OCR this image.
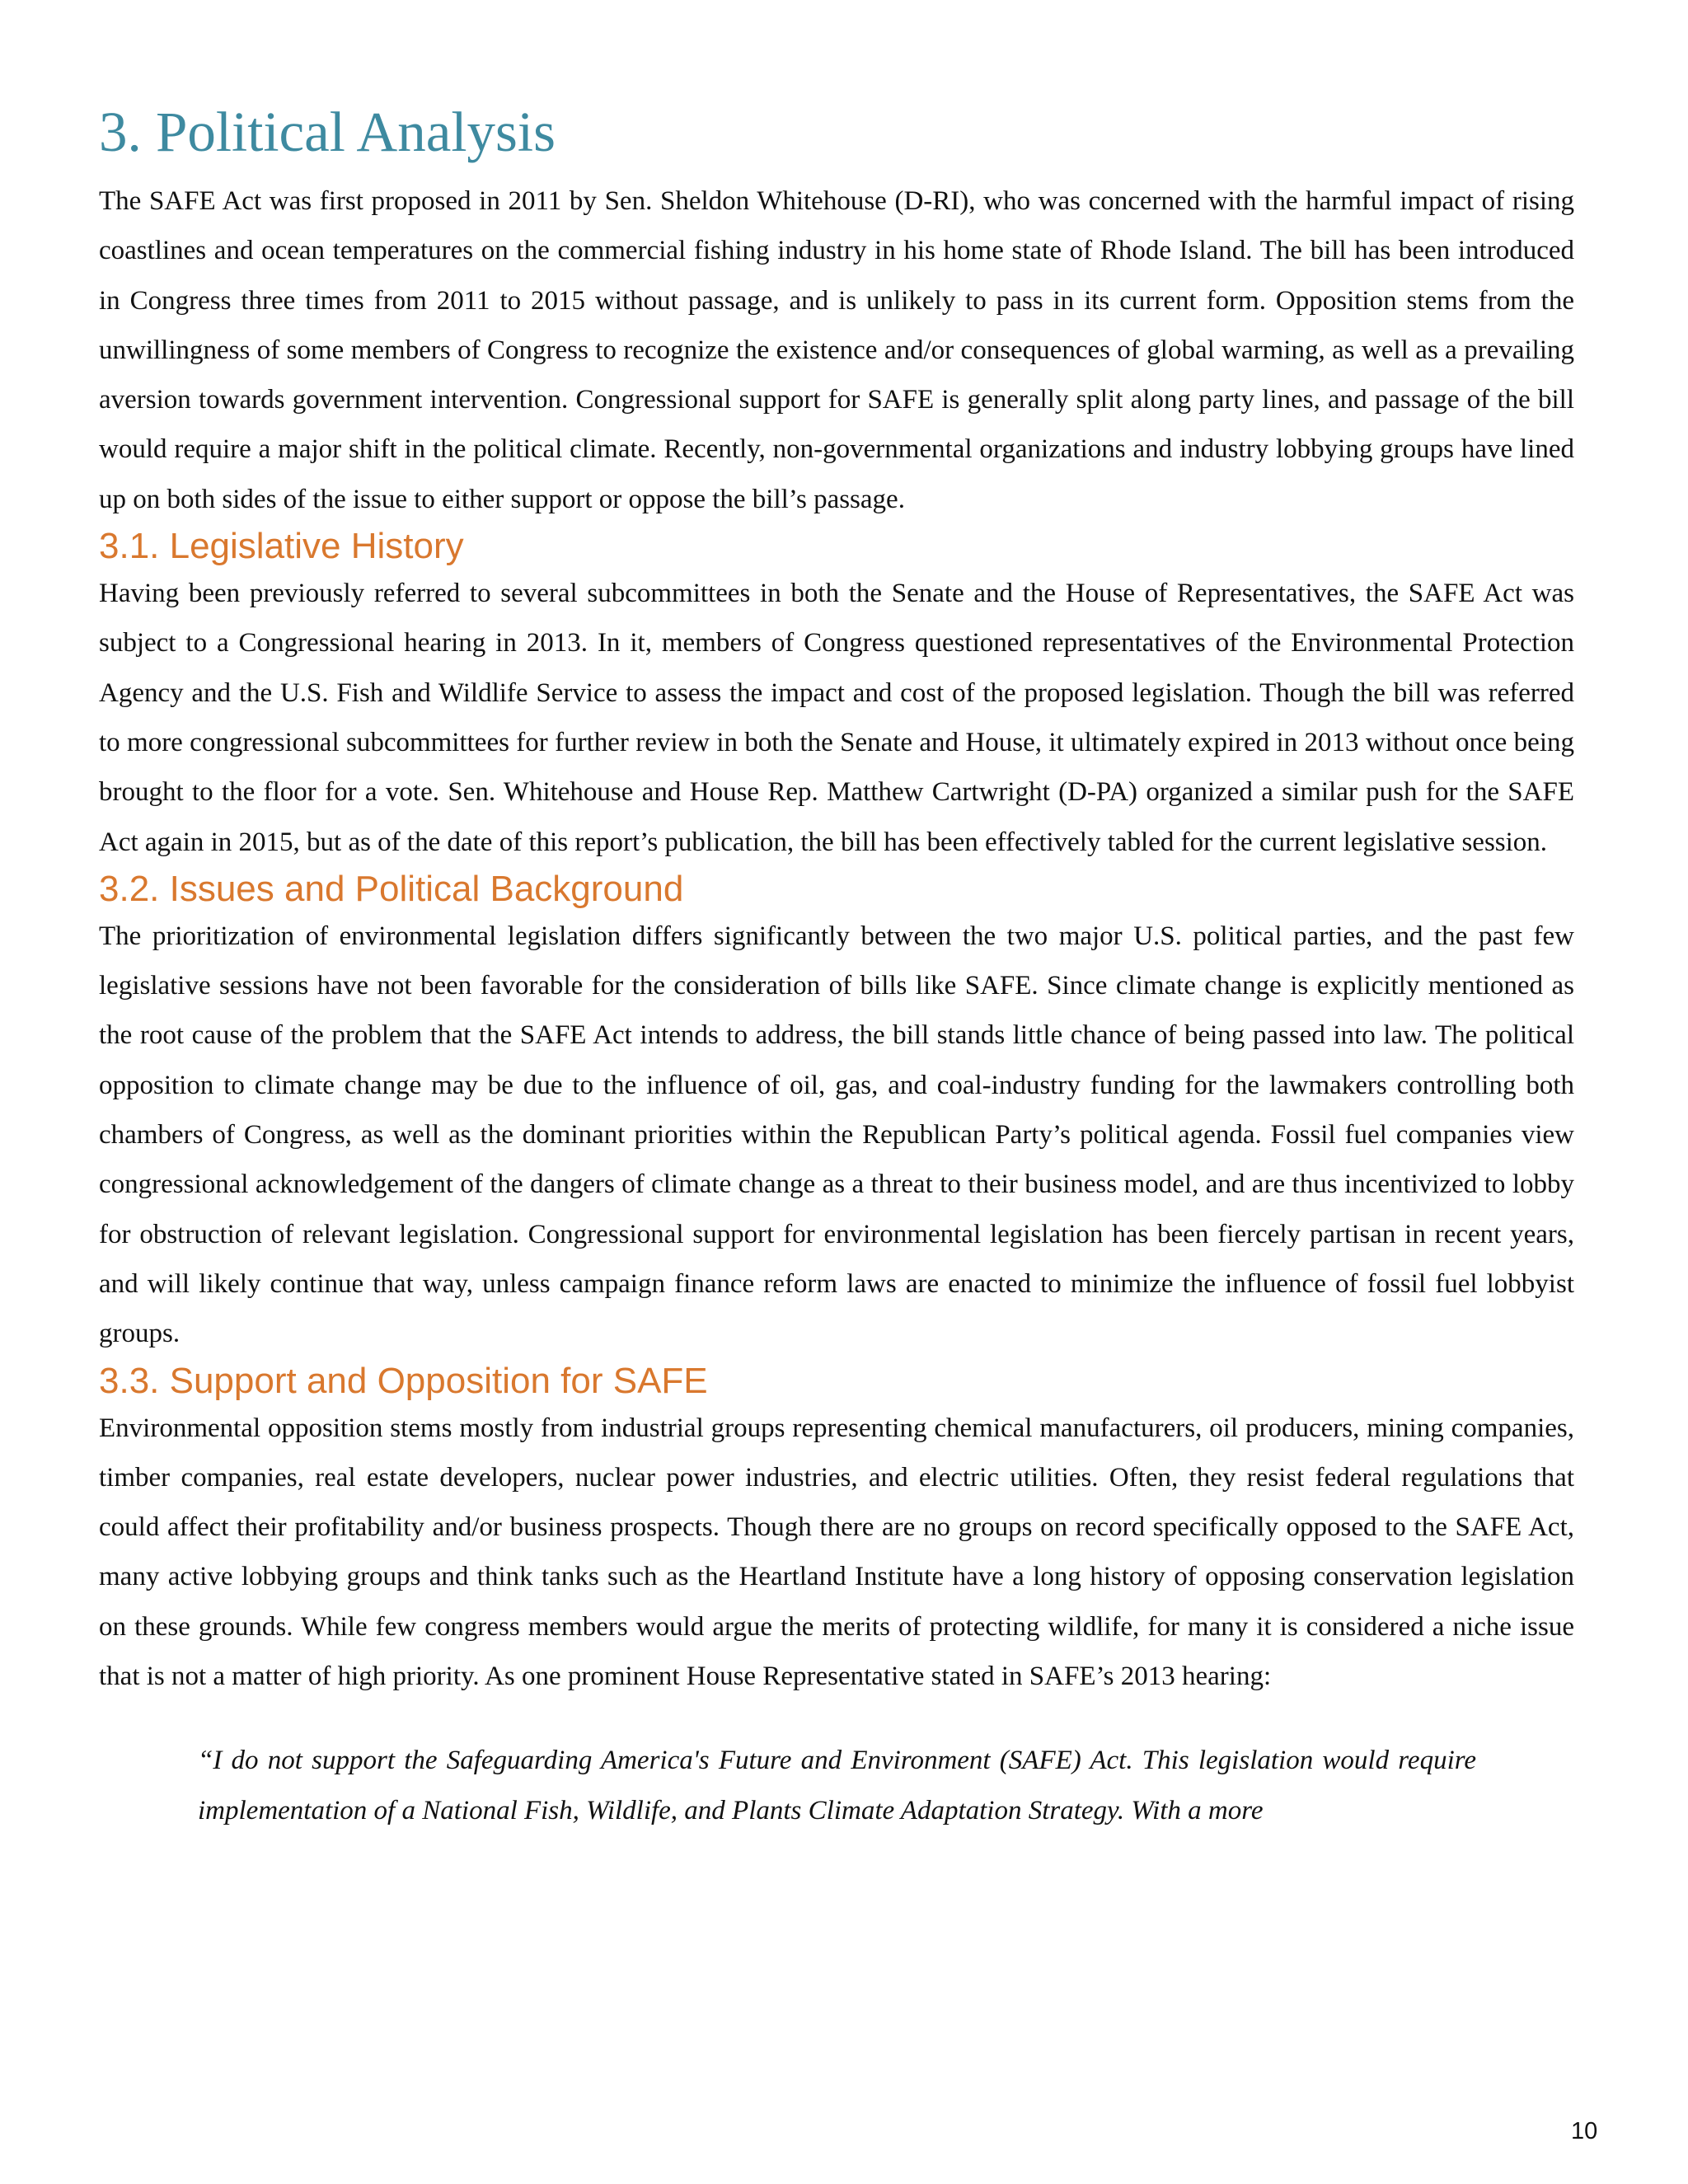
3. Political Analysis

The SAFE Act was first proposed in 2011 by Sen. Sheldon Whitehouse (D-RI), who was concerned with the harmful impact of rising coastlines and ocean temperatures on the commercial fishing industry in his home state of Rhode Island. The bill has been introduced in Congress three times from 2011 to 2015 without passage, and is unlikely to pass in its current form. Opposition stems from the unwillingness of some members of Congress to recognize the existence and/or consequences of global warming, as well as a prevailing aversion towards government intervention. Congressional support for SAFE is generally split along party lines, and passage of the bill would require a major shift in the political climate. Recently, non-governmental organizations and industry lobbying groups have lined up on both sides of the issue to either support or oppose the bill’s passage.

3.1. Legislative History

Having been previously referred to several subcommittees in both the Senate and the House of Representatives, the SAFE Act was subject to a Congressional hearing in 2013. In it, members of Congress questioned representatives of the Environmental Protection Agency and the U.S. Fish and Wildlife Service to assess the impact and cost of the proposed legislation. Though the bill was referred to more congressional subcommittees for further review in both the Senate and House, it ultimately expired in 2013 without once being brought to the floor for a vote. Sen. Whitehouse and House Rep. Matthew Cartwright (D-PA) organized a similar push for the SAFE Act again in 2015, but as of the date of this report’s publication, the bill has been effectively tabled for the current legislative session.

3.2. Issues and Political Background

The prioritization of environmental legislation differs significantly between the two major U.S. political parties, and the past few legislative sessions have not been favorable for the consideration of bills like SAFE. Since climate change is explicitly mentioned as the root cause of the problem that the SAFE Act intends to address, the bill stands little chance of being passed into law. The political opposition to climate change may be due to the influence of oil, gas, and coal-industry funding for the lawmakers controlling both chambers of Congress, as well as the dominant priorities within the Republican Party’s political agenda. Fossil fuel companies view congressional acknowledgement of the dangers of climate change as a threat to their business model, and are thus incentivized to lobby for obstruction of relevant legislation. Congressional support for environmental legislation has been fiercely partisan in recent years, and will likely continue that way, unless campaign finance reform laws are enacted to minimize the influence of fossil fuel lobbyist groups.

3.3. Support and Opposition for SAFE

Environmental opposition stems mostly from industrial groups representing chemical manufacturers, oil producers, mining companies, timber companies, real estate developers, nuclear power industries, and electric utilities. Often, they resist federal regulations that could affect their profitability and/or business prospects. Though there are no groups on record specifically opposed to the SAFE Act, many active lobbying groups and think tanks such as the Heartland Institute have a long history of opposing conservation legislation on these grounds. While few congress members would argue the merits of protecting wildlife, for many it is considered a niche issue that is not a matter of high priority. As one prominent House Representative stated in SAFE’s 2013 hearing:

“I do not support the Safeguarding America's Future and Environment (SAFE) Act. This legislation would require implementation of a National Fish, Wildlife, and Plants Climate Adaptation Strategy. With a more

10
